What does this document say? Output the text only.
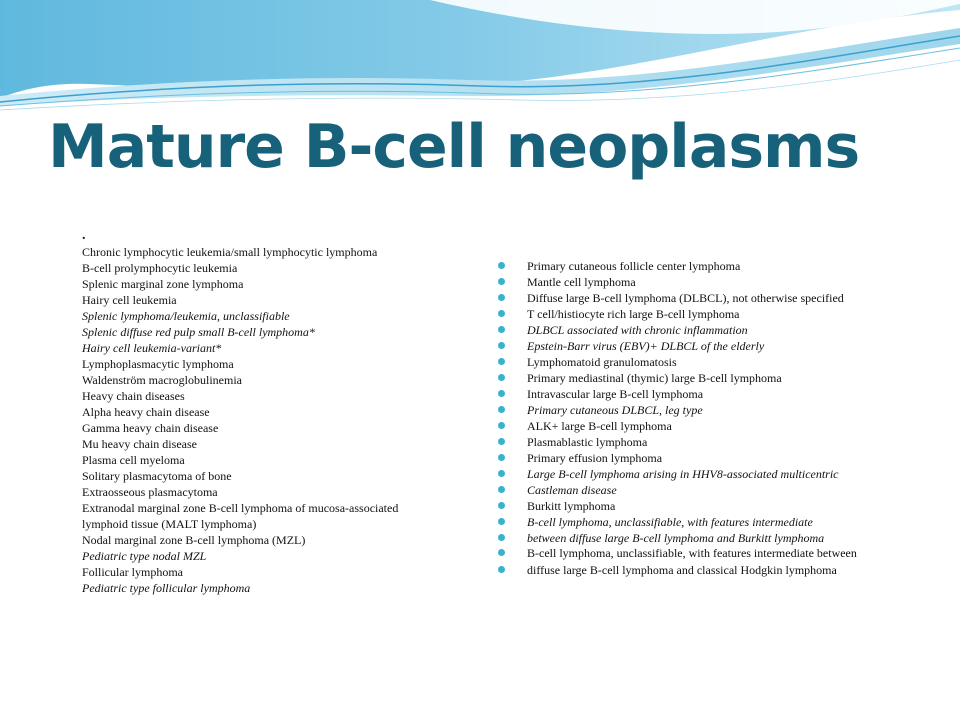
Mature B-cell neoplasms
.
Chronic lymphocytic leukemia/small lymphocytic lymphoma
B-cell prolymphocytic leukemia
Splenic marginal zone lymphoma
Hairy cell leukemia
Splenic lymphoma/leukemia, unclassifiable
Splenic diffuse red pulp small B-cell lymphoma*
Hairy cell leukemia-variant*
Lymphoplasmacytic lymphoma
Waldenström macroglobulinemia
Heavy chain diseases
Alpha heavy chain disease
Gamma heavy chain disease
Mu heavy chain disease
Plasma cell myeloma
Solitary plasmacytoma of bone
Extraosseous plasmacytoma
Extranodal marginal zone B-cell lymphoma of mucosa-associated
lymphoid tissue (MALT lymphoma)
Nodal marginal zone B-cell lymphoma (MZL)
Pediatric type nodal MZL
Follicular lymphoma
Pediatric type follicular lymphoma
Primary cutaneous follicle center lymphoma
Mantle cell lymphoma
Diffuse large B-cell lymphoma (DLBCL), not otherwise specified
T cell/histiocyte rich large B-cell lymphoma
DLBCL associated with chronic inflammation
Epstein-Barr virus (EBV)+ DLBCL of the elderly
Lymphomatoid granulomatosis
Primary mediastinal (thymic) large B-cell lymphoma
Intravascular large B-cell lymphoma
Primary cutaneous DLBCL, leg type
ALK+ large B-cell lymphoma
Plasmablastic lymphoma
Primary effusion lymphoma
Large B-cell lymphoma arising in HHV8-associated multicentric
Castleman disease
Burkitt lymphoma
B-cell lymphoma, unclassifiable, with features intermediate
between diffuse large B-cell lymphoma and Burkitt lymphoma
B-cell lymphoma, unclassifiable, with features intermediate between
diffuse large B-cell lymphoma and classical Hodgkin lymphoma
